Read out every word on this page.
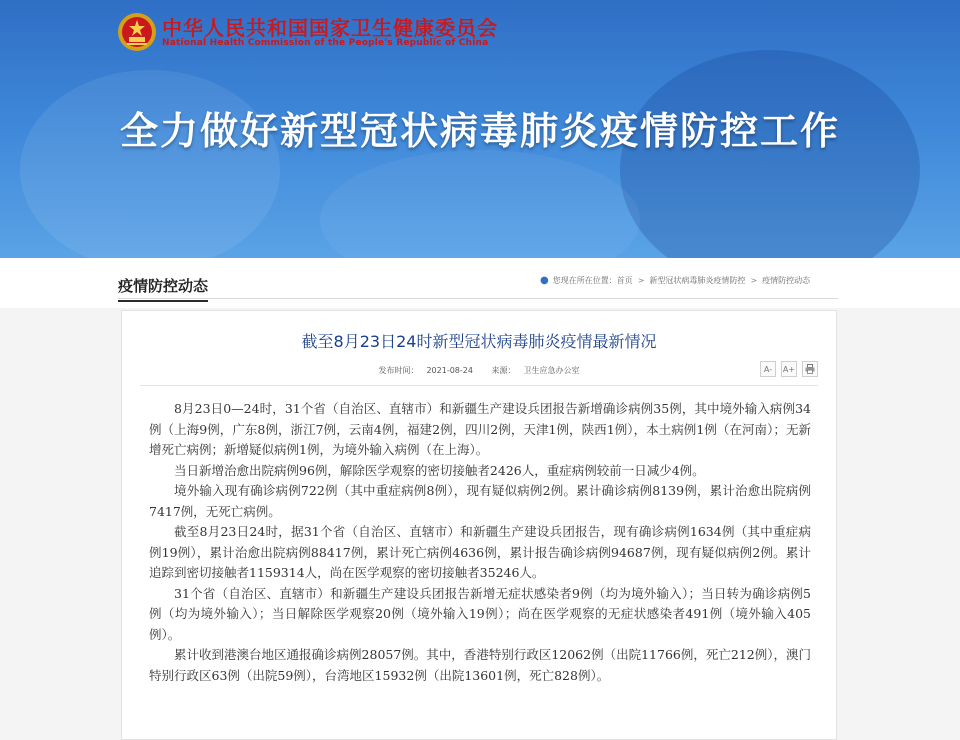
中华人民共和国国家卫生健康委员会
National Health Commission of the People's Republic of China
全力做好新型冠状病毒肺炎疫情防控工作
疫情防控动态	● 您现在所在位置： 首页 > 新型冠状病毒肺炎疫情防控 > 疫情防控动态
截至8月23日24时新型冠状病毒肺炎疫情最新情况
发布时间： 2021-08-24 来源： 卫生应急办公室	A-	A+

8月23日0—24时，31个省（自治区、直辖市）和新疆生产建设兵团报告新增确诊病例35例，其中境外输入病例34例（上海9例，广东8例，浙江7例，云南4例，福建2例，四川2例，天津1例，陕西1例），本土病例1例（在河南）；无新增死亡病例；新增疑似病例1例，为境外输入病例（在上海）。

当日新增治愈出院病例96例，解除医学观察的密切接触者2426人，重症病例较前一日减少4例。

境外输入现有确诊病例722例（其中重症病例8例），现有疑似病例2例。累计确诊病例8139例，累计治愈出院病例7417例，无死亡病例。

截至8月23日24时，据31个省（自治区、直辖市）和新疆生产建设兵团报告，现有确诊病例1634例（其中重症病例19例），累计治愈出院病例88417例，累计死亡病例4636例，累计报告确诊病例94687例，现有疑似病例2例。累计追踪到密切接触者1159314人，尚在医学观察的密切接触者35246人。

31个省（自治区、直辖市）和新疆生产建设兵团报告新增无症状感染者9例（均为境外输入）；当日转为确诊病例5例（均为境外输入）；当日解除医学观察20例（境外输入19例）；尚在医学观察的无症状感染者491例（境外输入405例）。

累计收到港澳台地区通报确诊病例28057例。其中，香港特别行政区12062例（出院11766例，死亡212例），澳门特别行政区63例（出院59例），台湾地区15932例（出院13601例，死亡828例）。
